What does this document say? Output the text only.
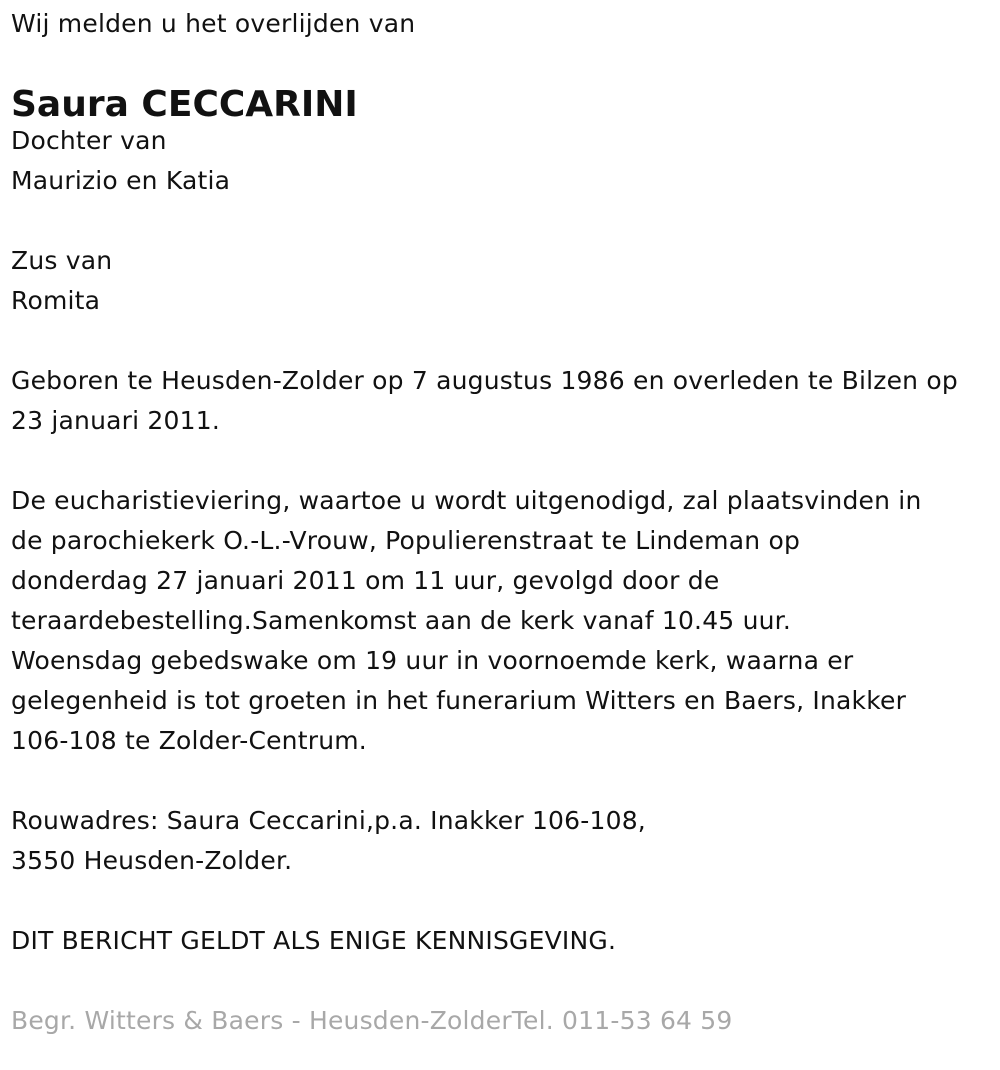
Wij melden u het overlijden van

Saura CECCARINI

Dochter van

Maurizio en Katia

Zus van

Romita

Geboren te Heusden-Zolder op 7 augustus 1986 en overleden te Bilzen op

23 januari 2011.

De eucharistieviering, waartoe u wordt uitgenodigd, zal plaatsvinden in

de parochiekerk O.-L.-Vrouw, Populierenstraat te Lindeman op

donderdag 27 januari 2011 om 11 uur, gevolgd door de

teraardebestelling.Samenkomst aan de kerk vanaf 10.45 uur.

Woensdag gebedswake om 19 uur in voornoemde kerk, waarna er

gelegenheid is tot groeten in het funerarium Witters en Baers, Inakker

106-108 te Zolder-Centrum.

Rouwadres: Saura Ceccarini,p.a. Inakker 106-108,

3550 Heusden-Zolder.

DIT BERICHT GELDT ALS ENIGE KENNISGEVING.

Begr. Witters & Baers - Heusden-ZolderTel. 011-53 64 59
